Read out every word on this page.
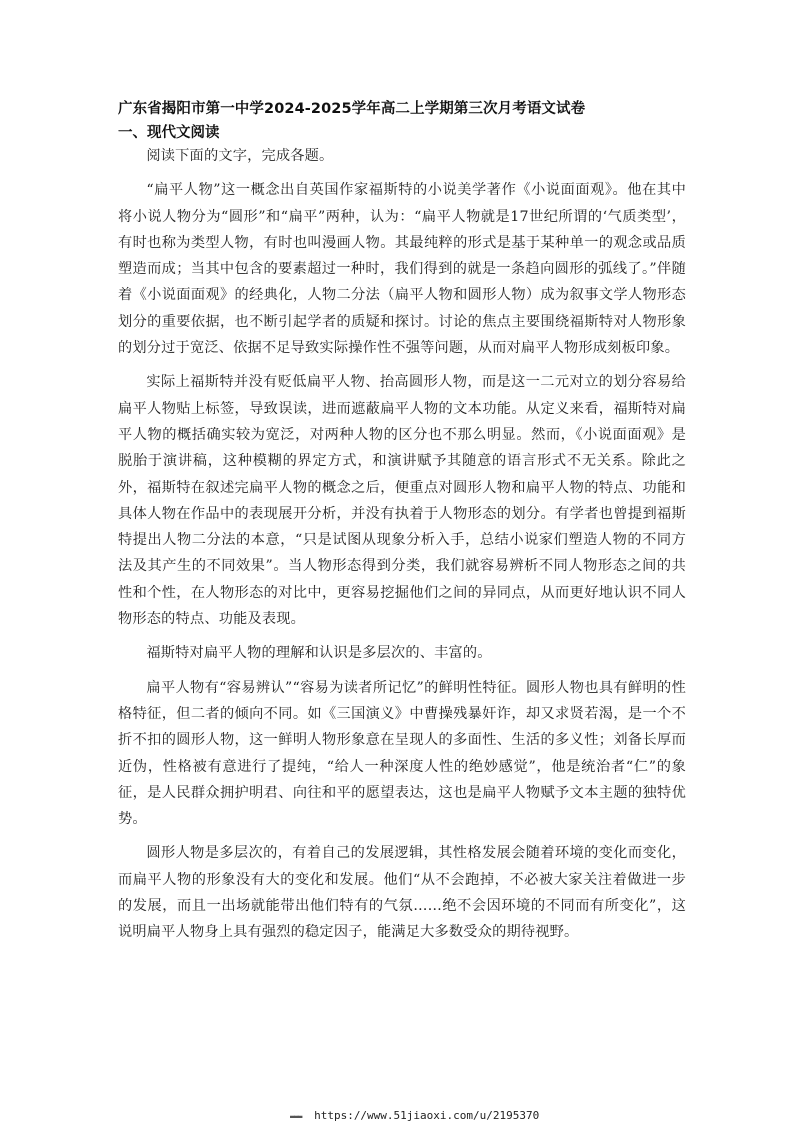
广东省揭阳市第一中学2024-2025学年高二上学期第三次月考语文试卷
一、现代文阅读

阅读下面的文字，完成各题。

“扁平人物”这一概念出自英国作家福斯特的小说美学著作《小说面面观》。他在其中将小说人物分为“圆形”和“扁平”两种，认为：“扁平人物就是17世纪所谓的‘气质类型’，有时也称为类型人物，有时也叫漫画人物。其最纯粹的形式是基于某种单一的观念或品质塑造而成；当其中包含的要素超过一种时，我们得到的就是一条趋向圆形的弧线了。”伴随着《小说面面观》的经典化，人物二分法（扁平人物和圆形人物）成为叙事文学人物形态划分的重要依据，也不断引起学者的质疑和探讨。讨论的焦点主要围绕福斯特对人物形象的划分过于宽泛、依据不足导致实际操作性不强等问题，从而对扁平人物形成刻板印象。

实际上福斯特并没有贬低扁平人物、抬高圆形人物，而是这一二元对立的划分容易给扁平人物贴上标签，导致误读，进而遮蔽扁平人物的文本功能。从定义来看，福斯特对扁平人物的概括确实较为宽泛，对两种人物的区分也不那么明显。然而，《小说面面观》是脱胎于演讲稿，这种模糊的界定方式，和演讲赋予其随意的语言形式不无关系。除此之外，福斯特在叙述完扁平人物的概念之后，便重点对圆形人物和扁平人物的特点、功能和具体人物在作品中的表现展开分析，并没有执着于人物形态的划分。有学者也曾提到福斯特提出人物二分法的本意，“只是试图从现象分析入手，总结小说家们塑造人物的不同方法及其产生的不同效果”。当人物形态得到分类，我们就容易辨析不同人物形态之间的共性和个性，在人物形态的对比中，更容易挖掘他们之间的异同点，从而更好地认识不同人物形态的特点、功能及表现。

福斯特对扁平人物的理解和认识是多层次的、丰富的。

扁平人物有“容易辨认”“容易为读者所记忆”的鲜明性特征。圆形人物也具有鲜明的性格特征，但二者的倾向不同。如《三国演义》中曹操残暴奸诈，却又求贤若渴，是一个不折不扣的圆形人物，这一鲜明人物形象意在呈现人的多面性、生活的多义性；刘备长厚而近伪，性格被有意进行了提纯，“给人一种深度人性的绝妙感觉”，他是统治者“仁”的象征，是人民群众拥护明君、向往和平的愿望表达，这也是扁平人物赋予文本主题的独特优势。

圆形人物是多层次的，有着自己的发展逻辑，其性格发展会随着环境的变化而变化，而扁平人物的形象没有大的变化和发展。他们“从不会跑掉，不必被大家关注着做进一步的发展，而且一出场就能带出他们特有的气氛……绝不会因环境的不同而有所变化”，这说明扁平人物身上具有强烈的稳定因子，能满足大多数受众的期待视野。

▬▬▬ https://www.51jiaoxi.com/u/2195370
